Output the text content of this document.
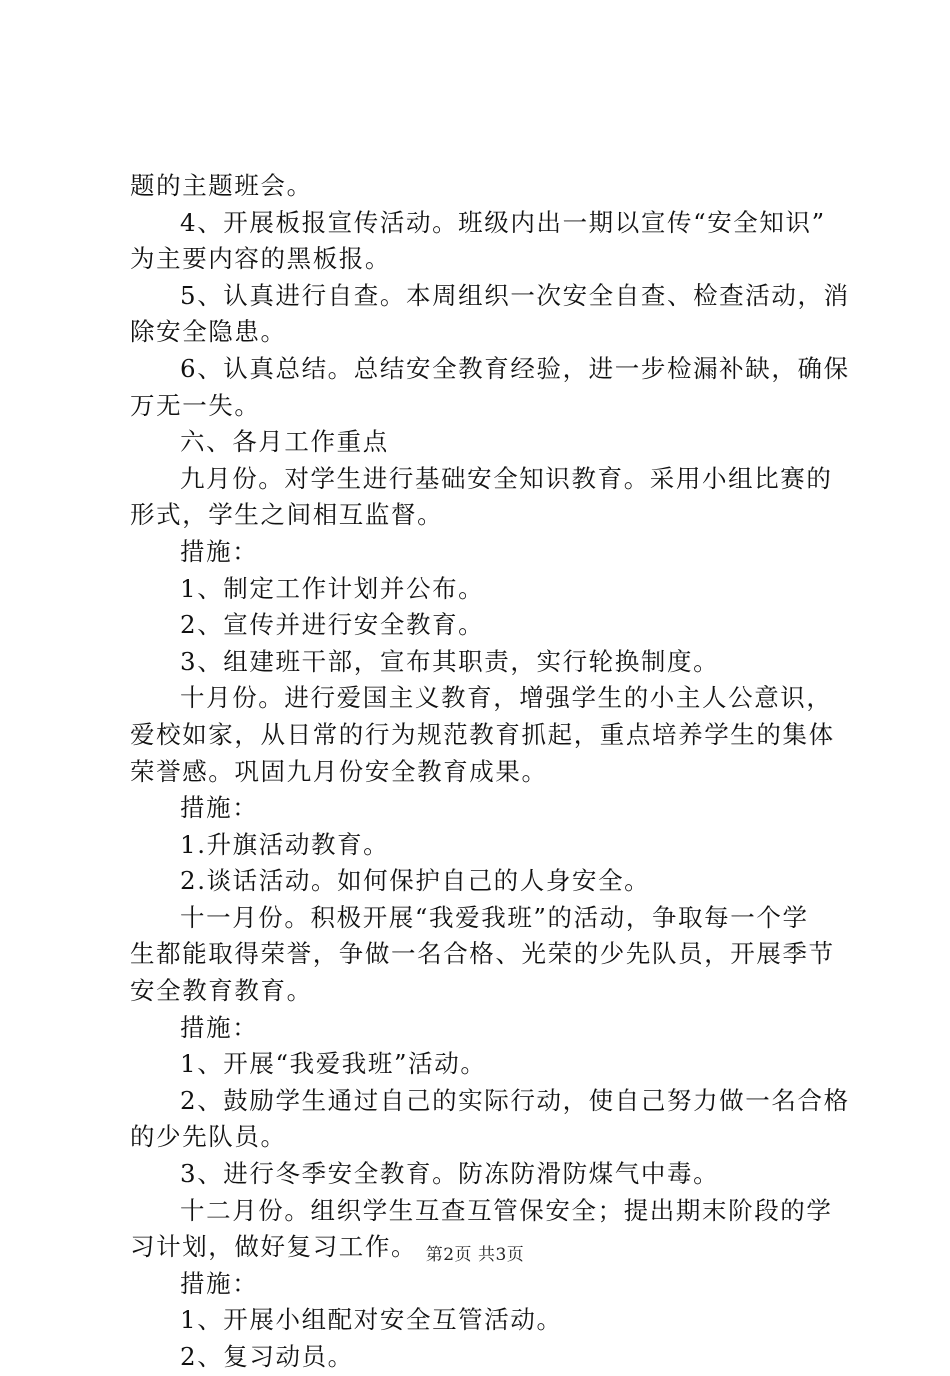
题的主题班会。
4、开展板报宣传活动。班级内出一期以宣传“安全知识”
为主要内容的黑板报。
5、认真进行自查。本周组织一次安全自查、检查活动，消
除安全隐患。
6、认真总结。总结安全教育经验，进一步检漏补缺，确保
万无一失。
六、各月工作重点
九月份。对学生进行基础安全知识教育。采用小组比赛的
形式，学生之间相互监督。
措施：
1、制定工作计划并公布。
2、宣传并进行安全教育。
3、组建班干部，宣布其职责，实行轮换制度。
十月份。进行爱国主义教育，增强学生的小主人公意识，
爱校如家，从日常的行为规范教育抓起，重点培养学生的集体
荣誉感。巩固九月份安全教育成果。
措施：
1.升旗活动教育。
2.谈话活动。如何保护自己的人身安全。
十一月份。积极开展“我爱我班”的活动，争取每一个学
生都能取得荣誉，争做一名合格、光荣的少先队员，开展季节
安全教育教育。
措施：
1、开展“我爱我班”活动。
2、鼓励学生通过自己的实际行动，使自己努力做一名合格
的少先队员。
3、进行冬季安全教育。防冻防滑防煤气中毒。
十二月份。组织学生互查互管保安全；提出期末阶段的学
习计划，做好复习工作。
措施：
1、开展小组配对安全互管活动。
2、复习动员。
第2页 共3页
